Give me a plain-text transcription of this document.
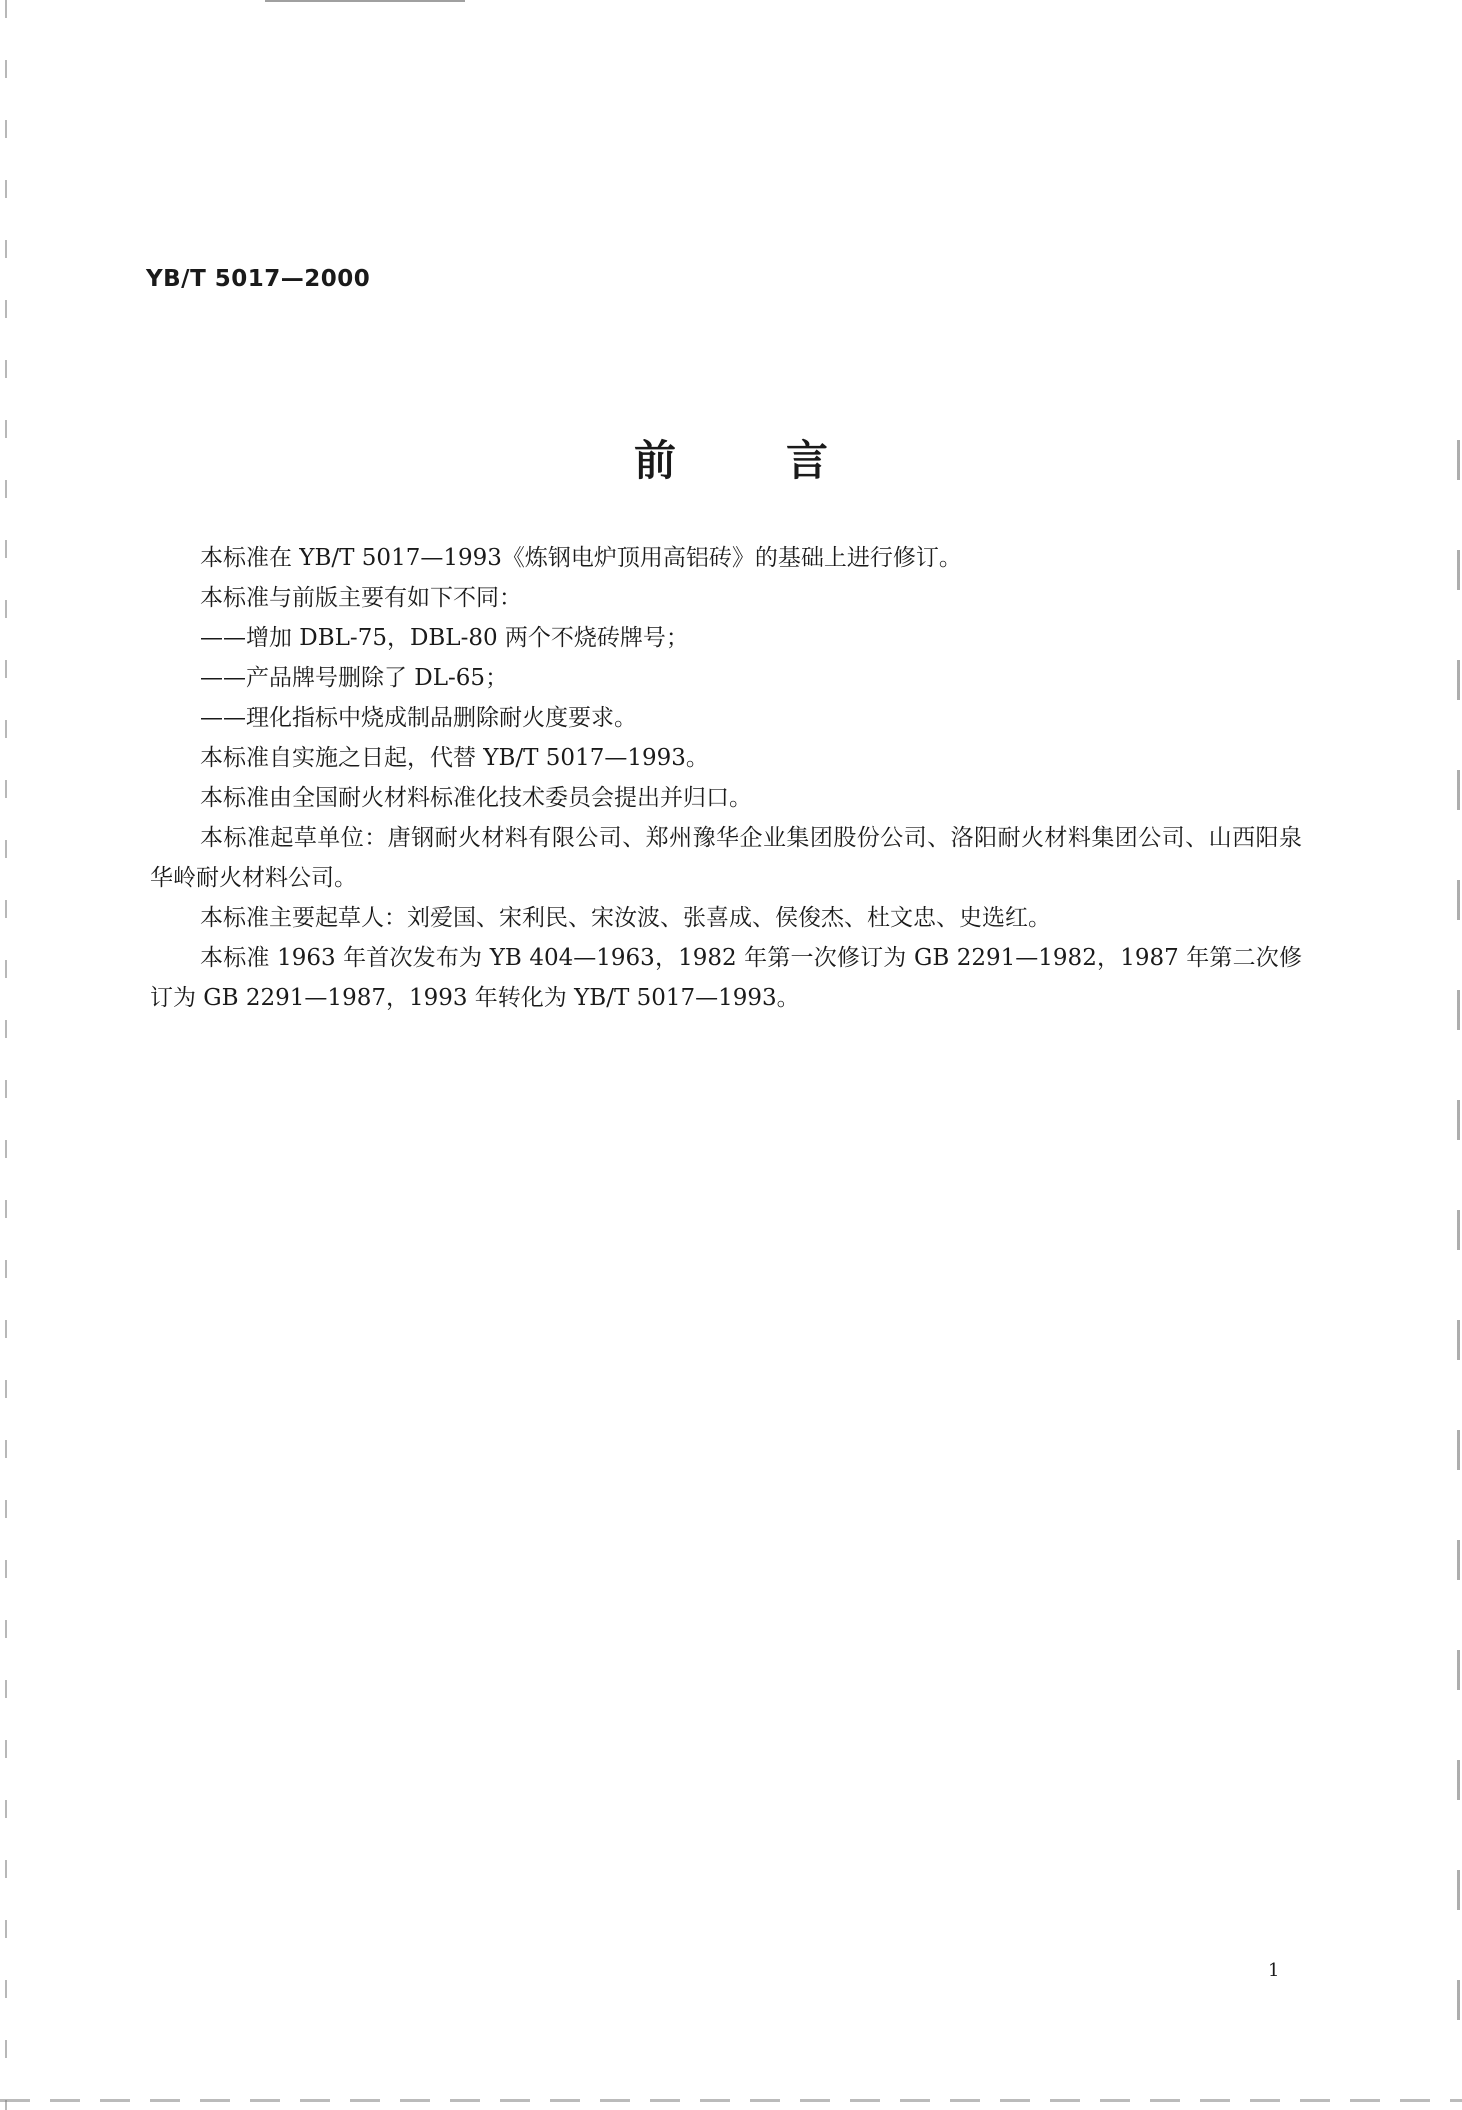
YB/T 5017—2000
前言

本标准在 YB/T 5017—1993《炼钢电炉顶用高铝砖》的基础上进行修订。

本标准与前版主要有如下不同：

——增加 DBL-75，DBL-80 两个不烧砖牌号；

——产品牌号删除了 DL-65；

——理化指标中烧成制品删除耐火度要求。

本标准自实施之日起，代替 YB/T 5017—1993。

本标准由全国耐火材料标准化技术委员会提出并归口。

本标准起草单位：唐钢耐火材料有限公司、郑州豫华企业集团股份公司、洛阳耐火材料集团公司、山西阳泉华岭耐火材料公司。

本标准主要起草人：刘爱国、宋利民、宋汝波、张喜成、侯俊杰、杜文忠、史选红。

本标准 1963 年首次发布为 YB 404—1963，1982 年第一次修订为 GB 2291—1982，1987 年第二次修订为 GB 2291—1987，1993 年转化为 YB/T 5017—1993。

1
